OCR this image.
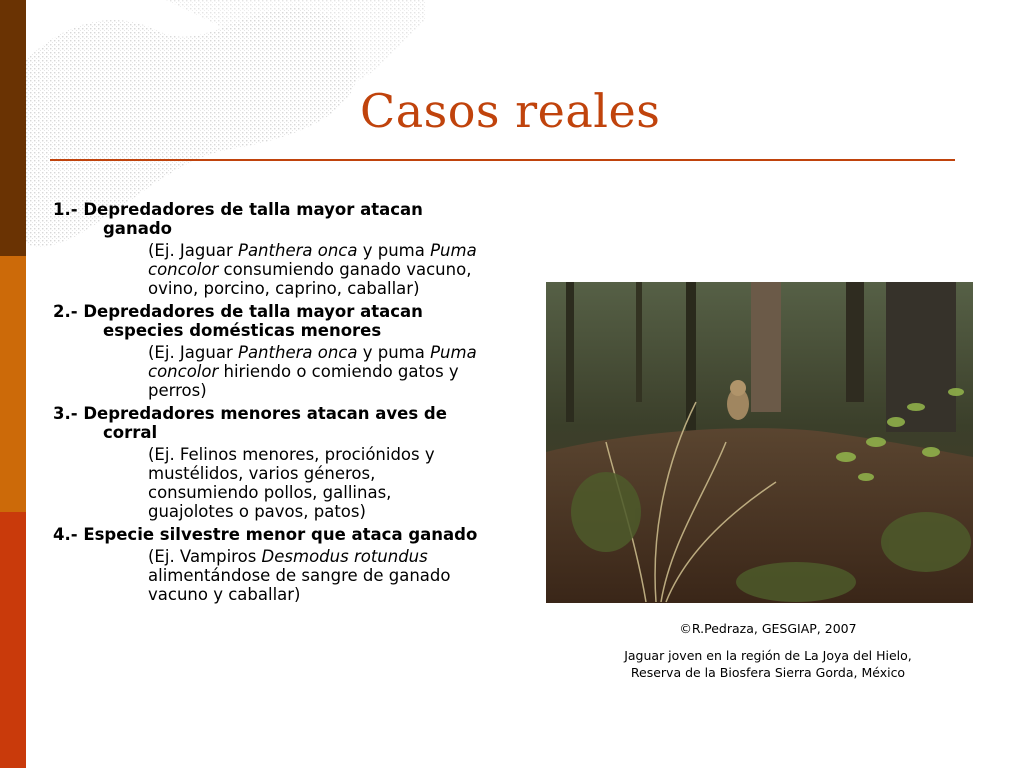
Casos reales

1.- Depredadores de talla mayor atacan ganado

(Ej. Jaguar Panthera onca y puma Puma concolor consumiendo ganado vacuno, ovino, porcino, caprino, caballar)

2.- Depredadores de talla mayor atacan especies domésticas menores

(Ej. Jaguar Panthera onca y puma Puma concolor hiriendo o comiendo gatos y perros)

3.- Depredadores menores atacan aves de corral

(Ej. Felinos menores, prociónidos y mustélidos, varios géneros, consumiendo pollos, gallinas, guajolotes o pavos, patos)

4.- Especie silvestre menor que ataca ganado

(Ej. Vampiros Desmodus rotundus alimentándose de sangre de ganado vacuno y caballar)

©R.Pedraza, GESGIAP, 2007
Jaguar joven en la región de La Joya del Hielo, Reserva de la Biosfera Sierra Gorda, México
